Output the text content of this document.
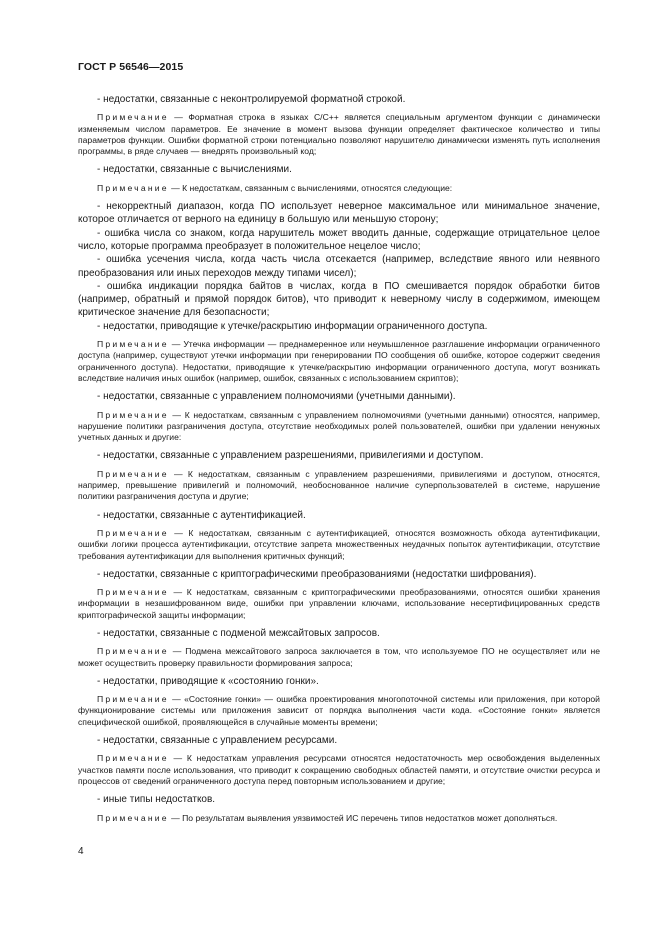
ГОСТ Р 56546—2015

- недостатки, связанные с неконтролируемой форматной строкой.

Примечание — Форматная строка в языках C/C++ является специальным аргументом функции с динамически изменяемым числом параметров. Ее значение в момент вызова функции определяет фактическое количество и типы параметров функции. Ошибки форматной строки потенциально позволяют нарушителю динамически изменять путь исполнения программы, в ряде случаев — внедрять произвольный код;

- недостатки, связанные с вычислениями.

Примечание — К недостаткам, связанным с вычислениями, относятся следующие:

- некорректный диапазон, когда ПО использует неверное максимальное или минимальное значение, которое отличается от верного на единицу в большую или меньшую сторону;

- ошибка числа со знаком, когда нарушитель может вводить данные, содержащие отрицательное целое число, которые программа преобразует в положительное нецелое число;

- ошибка усечения числа, когда часть числа отсекается (например, вследствие явного или неявного преобразования или иных переходов между типами чисел);

- ошибка индикации порядка байтов в числах, когда в ПО смешивается порядок обработки битов (например, обратный и прямой порядок битов), что приводит к неверному числу в содержимом, имеющем критическое значение для безопасности;

- недостатки, приводящие к утечке/раскрытию информации ограниченного доступа.

Примечание — Утечка информации — преднамеренное или неумышленное разглашение информации ограниченного доступа (например, существуют утечки информации при генерировании ПО сообщения об ошибке, которое содержит сведения ограниченного доступа). Недостатки, приводящие к утечке/раскрытию информации ограниченного доступа, могут возникать вследствие наличия иных ошибок (например, ошибок, связанных с использованием скриптов);

- недостатки, связанные с управлением полномочиями (учетными данными).

Примечание — К недостаткам, связанным с управлением полномочиями (учетными данными) относятся, например, нарушение политики разграничения доступа, отсутствие необходимых ролей пользователей, ошибки при удалении ненужных учетных данных и другие:

- недостатки, связанные с управлением разрешениями, привилегиями и доступом.

Примечание — К недостаткам, связанным с управлением разрешениями, привилегиями и доступом, относятся, например, превышение привилегий и полномочий, необоснованное наличие суперпользователей в системе, нарушение политики разграничения доступа и другие;

- недостатки, связанные с аутентификацией.

Примечание — К недостаткам, связанным с аутентификацией, относятся возможность обхода аутентификации, ошибки логики процесса аутентификации, отсутствие запрета множественных неудачных попыток аутентификации, отсутствие требования аутентификации для выполнения критичных функций;

- недостатки, связанные с криптографическими преобразованиями (недостатки шифрования).

Примечание — К недостаткам, связанным с криптографическими преобразованиями, относятся ошибки хранения информации в незашифрованном виде, ошибки при управлении ключами, использование несертифицированных средств криптографической защиты информации;

- недостатки, связанные с подменой межсайтовых запросов.

Примечание — Подмена межсайтового запроса заключается в том, что используемое ПО не осуществляет или не может осуществить проверку правильности формирования запроса;

- недостатки, приводящие к «состоянию гонки».

Примечание — «Состояние гонки» — ошибка проектирования многопоточной системы или приложения, при которой функционирование системы или приложения зависит от порядка выполнения части кода. «Состояние гонки» является специфической ошибкой, проявляющейся в случайные моменты времени;

- недостатки, связанные с управлением ресурсами.

Примечание — К недостаткам управления ресурсами относятся недостаточность мер освобождения выделенных участков памяти после использования, что приводит к сокращению свободных областей памяти, и отсутствие очистки ресурса и процессов от сведений ограниченного доступа перед повторным использованием и другие;

- иные типы недостатков.

Примечание — По результатам выявления уязвимостей ИС перечень типов недостатков может дополняться.

4
